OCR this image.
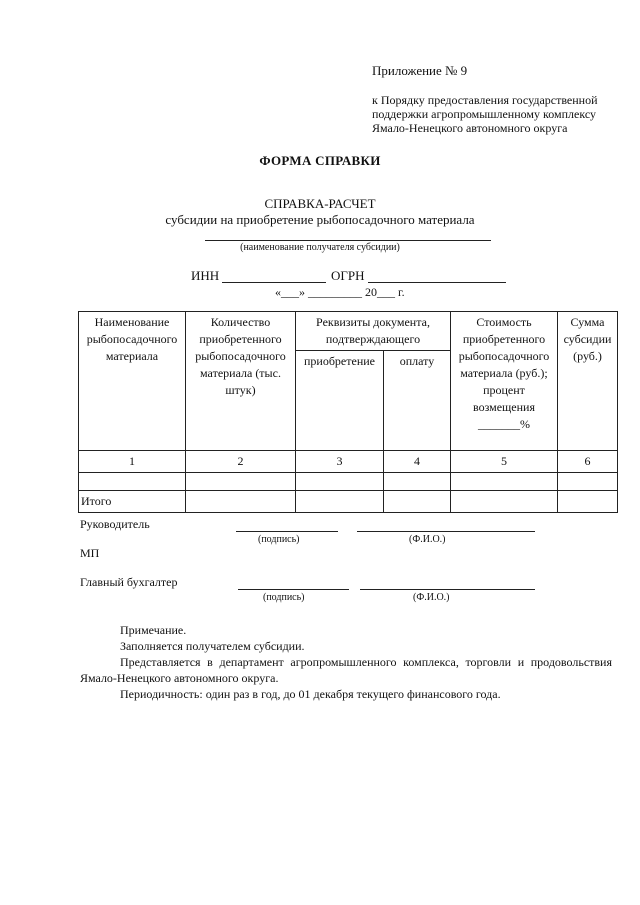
Приложение № 9
к Порядку предоставления государственной
поддержки агропромышленному комплексу
Ямало-Ненецкого автономного округа
ФОРМА СПРАВКИ
СПРАВКА-РАСЧЕТ
субсидии на приобретение рыбопосадочного материала
(наименование получателя субсидии)
ИНН	ОГРН
«___» _________ 20___ г.
Наименование рыбопосадочного материала	Количество приобретенного рыбопосадочного материала (тыс. штук)	Реквизиты документа, подтверждающего		Стоимость приобретенного рыбопосадочного материала (руб.); процент возмещения _______%	Сумма субсидии (руб.)
		приобретение	оплату		
1	2	3	4	5	6

Итого					
Руководитель
(подпись)	(Ф.И.О.)
МП
Главный бухгалтер
(подпись)	(Ф.И.О.)

Примечание.

Заполняется получателем субсидии.

Представляется в департамент агропромышленного комплекса, торговли и продовольствия Ямало-Ненецкого автономного округа.

Периодичность: один раз в год, до 01 декабря текущего финансового года.
